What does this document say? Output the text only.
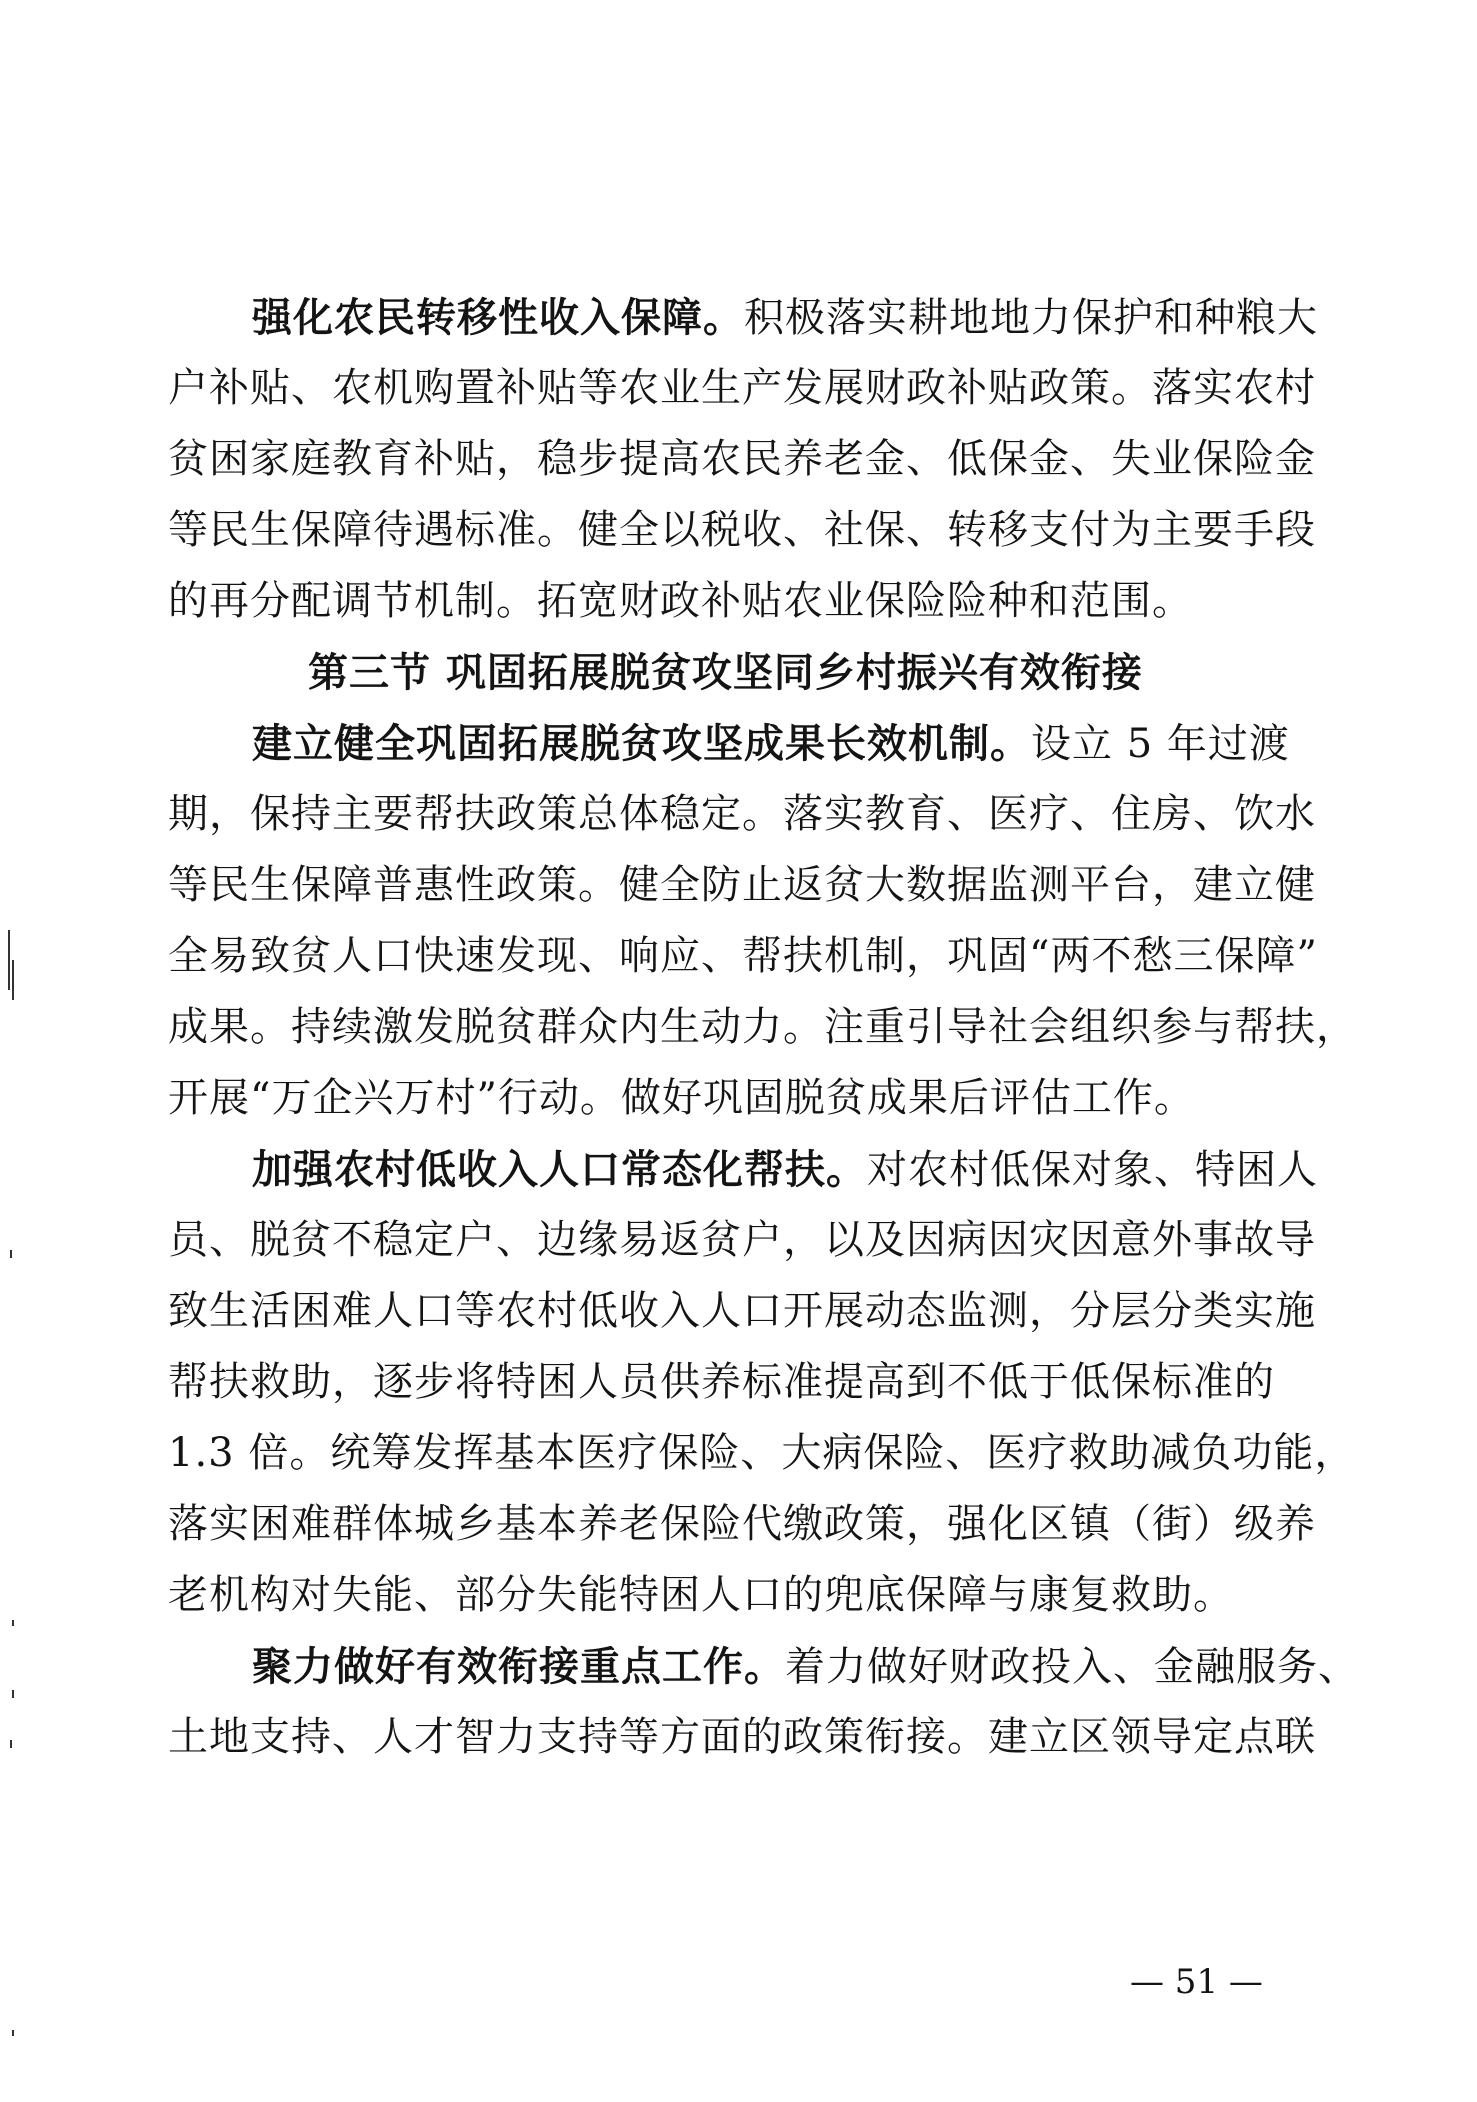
强化农民转移性收入保障。积极落实耕地地力保护和种粮大
户补贴、农机购置补贴等农业生产发展财政补贴政策。落实农村
贫困家庭教育补贴，稳步提高农民养老金、低保金、失业保险金
等民生保障待遇标准。健全以税收、社保、转移支付为主要手段
的再分配调节机制。拓宽财政补贴农业保险险种和范围。
第三节 巩固拓展脱贫攻坚同乡村振兴有效衔接
建立健全巩固拓展脱贫攻坚成果长效机制。设立 5 年过渡
期，保持主要帮扶政策总体稳定。落实教育、医疗、住房、饮水
等民生保障普惠性政策。健全防止返贫大数据监测平台，建立健
全易致贫人口快速发现、响应、帮扶机制，巩固“两不愁三保障”
成果。持续激发脱贫群众内生动力。注重引导社会组织参与帮扶，
开展“万企兴万村”行动。做好巩固脱贫成果后评估工作。
加强农村低收入人口常态化帮扶。对农村低保对象、特困人
员、脱贫不稳定户、边缘易返贫户，以及因病因灾因意外事故导
致生活困难人口等农村低收入人口开展动态监测，分层分类实施
帮扶救助，逐步将特困人员供养标准提高到不低于低保标准的
1.3 倍。统筹发挥基本医疗保险、大病保险、医疗救助减负功能，
落实困难群体城乡基本养老保险代缴政策，强化区镇（街）级养
老机构对失能、部分失能特困人口的兜底保障与康复救助。
聚力做好有效衔接重点工作。着力做好财政投入、金融服务、
土地支持、人才智力支持等方面的政策衔接。建立区领导定点联
— 51 —
